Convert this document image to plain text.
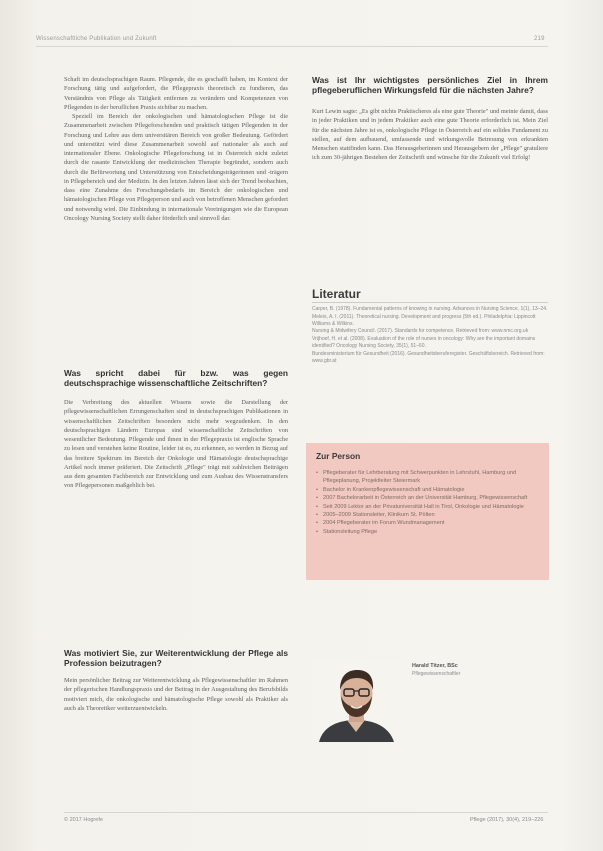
Wissenschaftliche Publikation und Zukunft	219

Schaft im deutschsprachigen Raum. Pflegende, die es geschafft haben, im Kontext der Forschung tätig und aufgefordert, die Pflegepraxis theoretisch zu fundieren, das Verständnis von Pflege als Tätigkeit entfernen zu verändern und Kompetenzen von Pflegenden in der beruflichen Praxis sichtbar zu machen.

Speziell im Bereich der onkologischen und hämatologischen Pflege ist die Zusammenarbeit zwischen Pflegeforschenden und praktisch tätigen Pflegenden in der Forschung und Lehre aus dem universitären Bereich von großer Bedeutung. Gefördert und unterstützt wird diese Zusammenarbeit sowohl auf nationaler als auch auf internationaler Ebene. Onkologische Pflegeforschung ist in Österreich nicht zuletzt durch die rasante Entwicklung der medizinischen Therapie begründet, sondern auch durch die Befürwortung und Unterstützung von Entscheidungsträgerinnen und -trägern in Pflegebereich und der Medizin. In den letzten Jahren lässt sich der Trend beobachten, dass eine Zunahme des Forschungsbedarfs im Bereich der onkologischen und hämatologischen Pflege von Pflegeperson und auch von betroffenen Menschen gefordert und notwendig wird. Die Einbindung in internationale Vereinigungen wie die European Oncology Nursing Society stellt daher förderlich und sinnvoll dar.

Was spricht dabei für bzw. was gegen deutschsprachige wissenschaftliche Zeitschriften?

Die Verbreitung des aktuellen Wissens sowie die Darstellung der pflegewissenschaftlichen Errungenschaften sind in deutschsprachigen Publikationen in wissenschaftlichen Zeitschriften besonders nicht mehr wegzudenken. In den deutschsprachigen Ländern Europas sind wissenschaftliche Zeitschriften von wesentlicher Bedeutung. Pflegende und ihnen in der Pflegepraxis ist englische Sprache zu lesen und verstehen keine Routine, leider ist es, zu erkennen, so werden in Bezug auf das breitere Spektrum im Bereich der Onkologie und Hämatologie deutschsprachige Artikel noch immer präferiert. Die Zeitschrift „Pflege" trägt mit zahlreichen Beiträgen aus dem gesamten Fachbereich zur Entwicklung und zum Ausbau des Wissenstransfers von Pflegepersonen maßgeblich bei.

Was motiviert Sie, zur Weiterentwicklung der Pflege als Profession beizutragen?

Mein persönlicher Beitrag zur Weiterentwicklung als Pflegewissenschaftler im Rahmen der pflegerischen Handlungspraxis und der Beitrag in der Ausgestaltung des Berufsbilds motiviert mich, die onkologische und hämatologische Pflege sowohl als Praktiker als auch als Theoretiker weiterzuentwickeln.

Was ist Ihr wichtigstes persönliches Ziel in Ihrem pflegeberuflichen Wirkungsfeld für die nächsten Jahre?

Kurt Lewin sagte: „Es gibt nichts Praktischeres als eine gute Theorie" und meinte damit, dass in jeder Praktiken und in jedem Praktiker auch eine gute Theorie erforderlich ist. Mein Ziel für die nächsten Jahre ist es, onkologische Pflege in Österreich auf ein solides Fundament zu stellen, auf dem aufbauend, umfassende und wirkungsvolle Betreuung von erkrankten Menschen stattfinden kann. Das Herausgeberinnen und Herausgebern der „Pflege" gratuliere ich zum 30-jährigen Bestehen der Zeitschrift und wünsche für die Zukunft viel Erfolg!

Literatur

Carper, B. (1978). Fundamental patterns of knowing in nursing. Advances in Nursing Science, 1(1), 13–24.

Meleis, A. I. (2011). Theoretical nursing. Development and progress (5th ed.). Philadelphia: Lippincott Williams & Wilkins.

Nursing & Midwifery Council. (2017). Standards for competence. Retrieved from: www.nmc.org.uk

Vrijhoef, H. et al. (2008). Evaluation of the role of nurses in oncology: Why are the important domains identified? Oncology Nursing Society, 35(1), 51–60.

Bundesministerium für Gesundheit (2016). Gesundheitsberuferegister. Geschäftsbereich. Retrieved from: www.gbr.at

Zur Person
• Pflegeberater für Lehrberatung mit Schwerpunkten in Lehrstuhl, Hamburg und Pflegeplanung, Projektleiter Steiermark
• Bachelor in Krankenpflegewissenschaft und Hämatologie
• 2007 Bachelorarbeit in Österreich an der Universität Hamburg, Pflegewissenschaft
• Seit 2009 Lektor an der Privatuniversität Hall in Tirol, Onkologie und Hämatologie
• 2005–2009 Stationsleiter, Klinikum St. Pölten
• 2004 Pflegeberater im Forum Wundmanagement
• Stationsleitung Pflege
Harald Titzer, BSc
Pflegewissenschaftler
© 2017 Hogrefe	Pflege (2017), 30(4), 219–226
